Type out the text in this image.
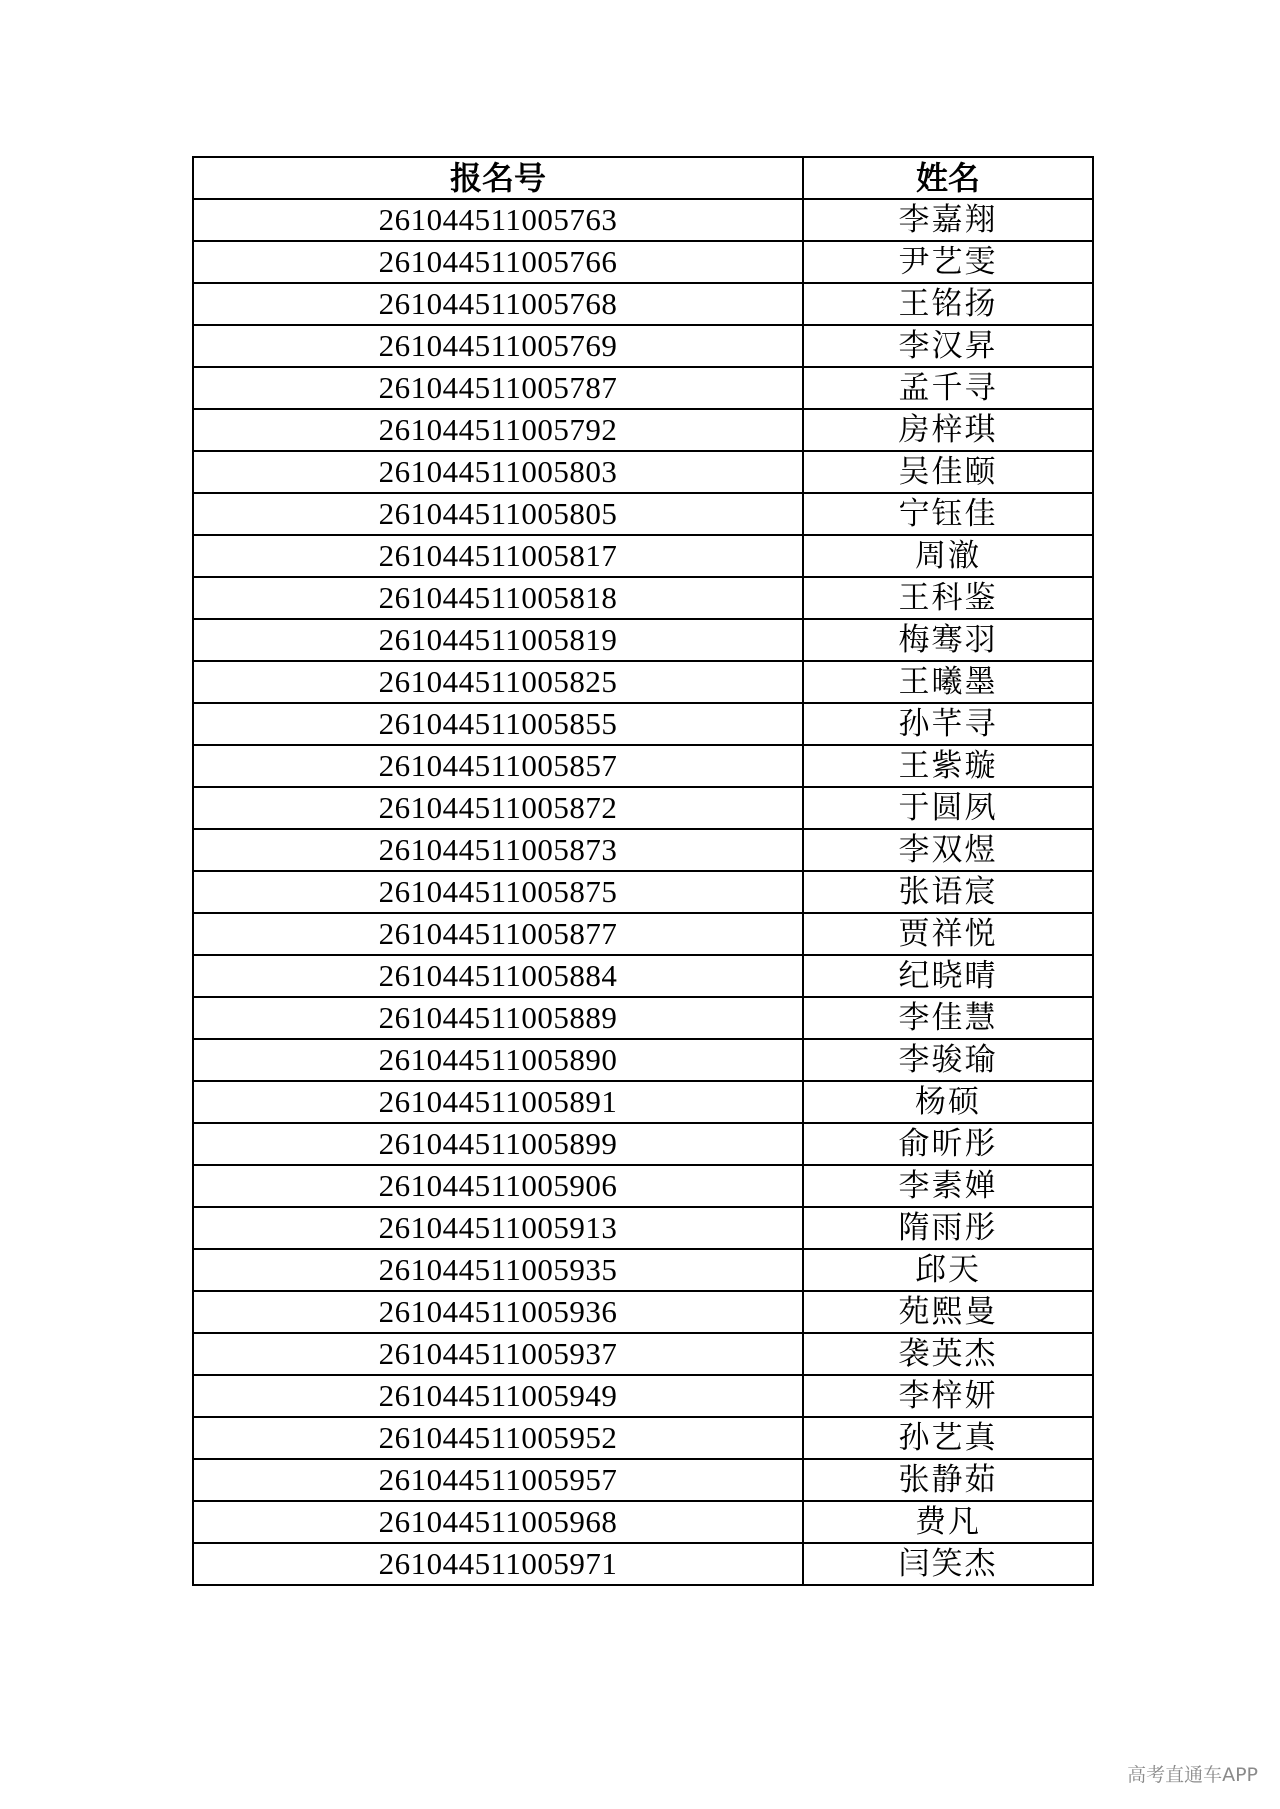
报名号	姓名
261044511005763	李嘉翔
261044511005766	尹艺雯
261044511005768	王铭扬
261044511005769	李汉昇
261044511005787	孟千寻
261044511005792	房梓琪
261044511005803	吴佳颐
261044511005805	宁钰佳
261044511005817	周澈
261044511005818	王科鉴
261044511005819	梅骞羽
261044511005825	王曦墨
261044511005855	孙芊寻
261044511005857	王紫璇
261044511005872	于圆夙
261044511005873	李双煜
261044511005875	张语宸
261044511005877	贾祥悦
261044511005884	纪晓晴
261044511005889	李佳慧
261044511005890	李骏瑜
261044511005891	杨硕
261044511005899	俞昕彤
261044511005906	李素婵
261044511005913	隋雨彤
261044511005935	邱天
261044511005936	苑熙曼
261044511005937	袭英杰
261044511005949	李梓妍
261044511005952	孙艺真
261044511005957	张静茹
261044511005968	费凡
261044511005971	闫笑杰
高考直通车APP
